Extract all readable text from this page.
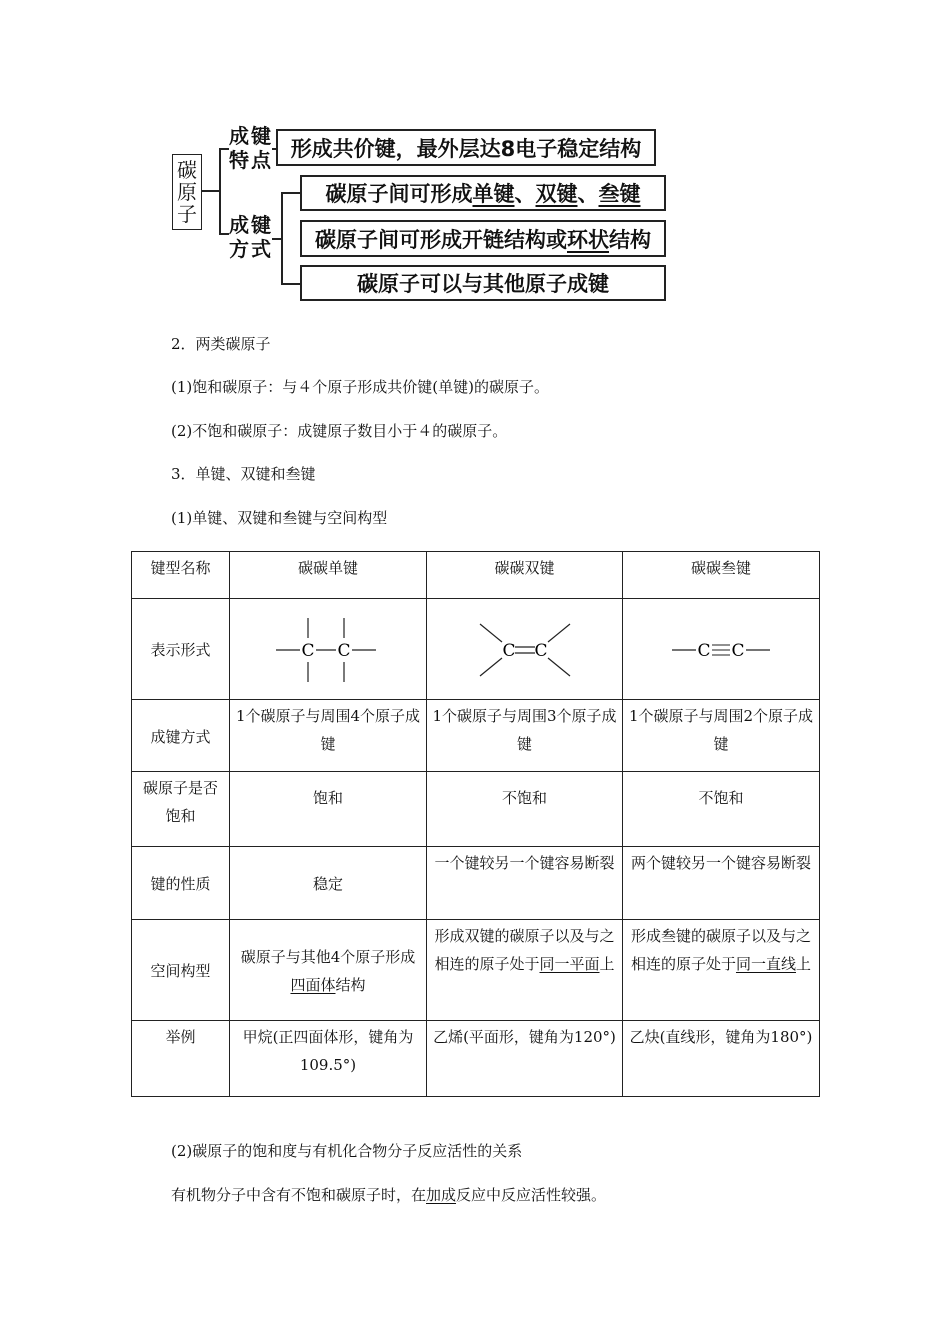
碳原子
成键
特点
成键
方式
形成共价键，最外层达8电子稳定结构
碳原子间可形成 单键 、 双键 、 叁键
碳原子间可形成开链结构或 环状 结构
碳原子可以与其他原子成键
2．两类碳原子
(1)饱和碳原子：与４个原子形成共价键(单键)的碳原子。
(2)不饱和碳原子：成键原子数目小于４的碳原子。
3．单键、双键和叁键
(1)单键、双键和叁键与空间构型
键型名称	碳碳单键	碳碳双键	碳碳叁键
表示形式	C C	C C	C C

成键方式	1个碳原子与周围4个原子成键	1个碳原子与周围3个原子成键	1个碳原子与周围2个原子成键
碳原子是否饱和	饱和	不饱和	不饱和
键的性质	稳定	一个键较另一个键容易断裂	两个键较另一个键容易断裂
空间构型	碳原子与其他4个原子形成四面体结构	形成双键的碳原子以及与之相连的原子处于同一平面上	形成叁键的碳原子以及与之相连的原子处于同一直线上
举例	甲烷(正四面体形，键角为109.5°)	乙烯(平面形，键角为120°)	乙炔(直线形，键角为180°)
(2)碳原子的饱和度与有机化合物分子反应活性的关系
有机物分子中含有不饱和碳原子时，在加成反应中反应活性较强。
